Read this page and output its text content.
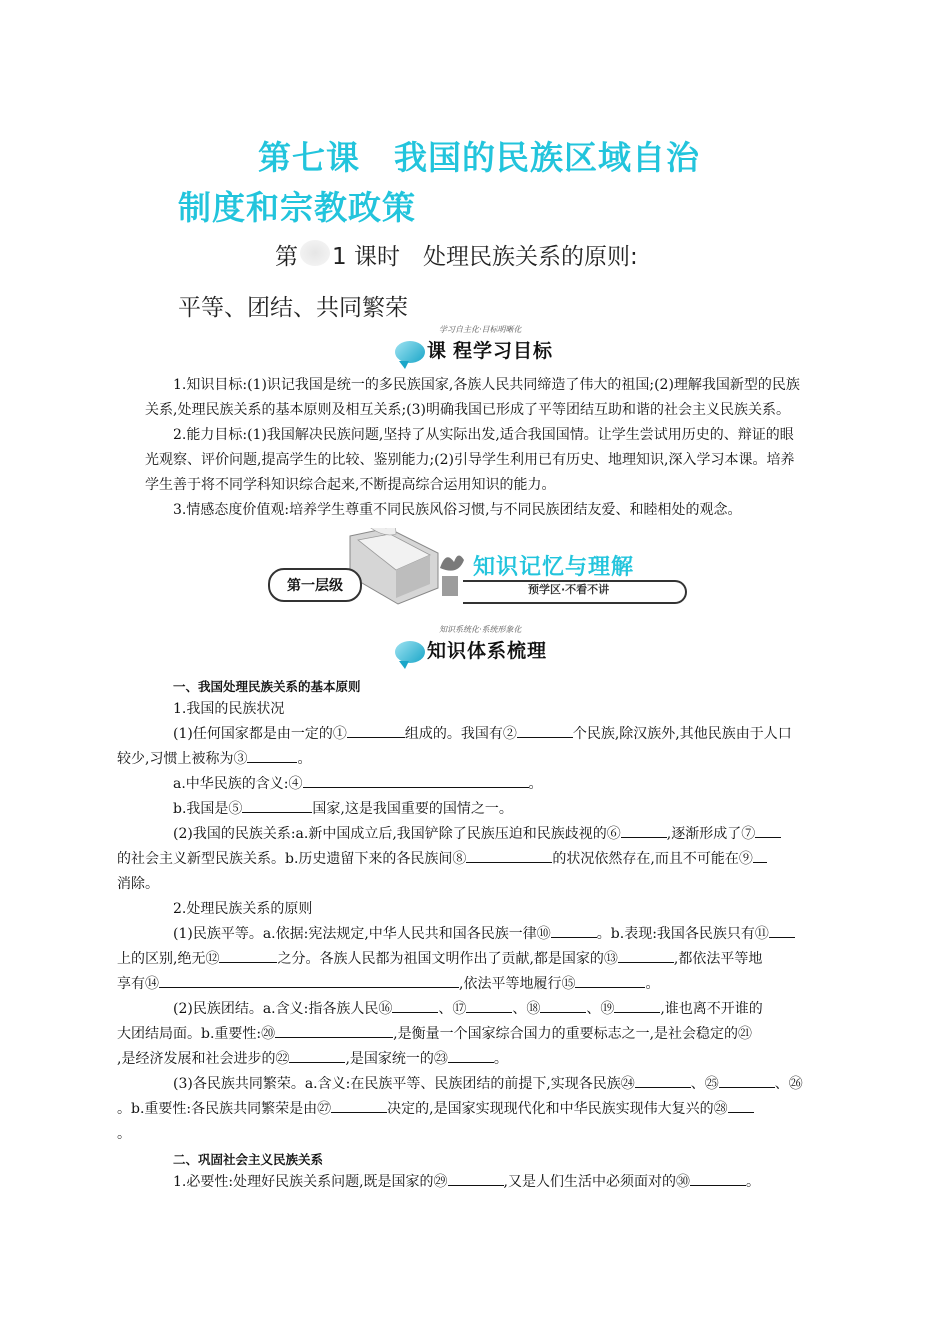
第七课　我国的民族区域自治
制度和宗教政策
第 1 课时　处理民族关系的原则:
平等、团结、共同繁荣
学习自主化·目标明晰化
课 程学习目标
1.知识目标:(1)识记我国是统一的多民族国家,各族人民共同缔造了伟大的祖国;(2)理解我国新型的民族关系,处理民族关系的基本原则及相互关系;(3)明确我国已形成了平等团结互助和谐的社会主义民族关系。
2.能力目标:(1)我国解决民族问题,坚持了从实际出发,适合我国国情。让学生尝试用历史的、辩证的眼光观察、评价问题,提高学生的比较、鉴别能力;(2)引导学生利用已有历史、地理知识,深入学习本课。培养学生善于将不同学科知识综合起来,不断提高综合运用知识的能力。
3.情感态度价值观:培养学生尊重不同民族风俗习惯,与不同民族团结友爱、和睦相处的观念。
第一层级
知识记忆与理解
预学区·不看不讲
知识系统化·系统形象化
知识体系梳理
一、我国处理民族关系的基本原则
1.我国的民族状况
(1)任何国家都是由一定的①	组成的。我国有②	个民族,除汉族外,其他民族由于人口
较少,习惯上被称为③	。
a.中华民族的含义:④	。
b.我国是⑤	国家,这是我国重要的国情之一。
(2)我国的民族关系:a.新中国成立后,我国铲除了民族压迫和民族歧视的⑥	,逐渐形成了⑦
的社会主义新型民族关系。b.历史遗留下来的各民族间⑧	的状况依然存在,而且不可能在⑨
消除。
2.处理民族关系的原则
(1)民族平等。a.依据:宪法规定,中华人民共和国各民族一律⑩	。b.表现:我国各民族只有⑪
上的区别,绝无⑫	之分。各族人民都为祖国文明作出了贡献,都是国家的⑬	,都依法平等地
享有⑭	,依法平等地履行⑮	。
(2)民族团结。a.含义:指各族人民⑯	、⑰	、⑱	、⑲	,谁也离不开谁的
大团结局面。b.重要性:⑳	,是衡量一个国家综合国力的重要标志之一,是社会稳定的㉑
,是经济发展和社会进步的㉒	,是国家统一的㉓	。
(3)各民族共同繁荣。a.含义:在民族平等、民族团结的前提下,实现各民族㉔	、㉕	、㉖
。b.重要性:各民族共同繁荣是由㉗	决定的,是国家实现现代化和中华民族实现伟大复兴的㉘
。
二、巩固社会主义民族关系
1.必要性:处理好民族关系问题,既是国家的㉙	,又是人们生活中必须面对的㉚	。
